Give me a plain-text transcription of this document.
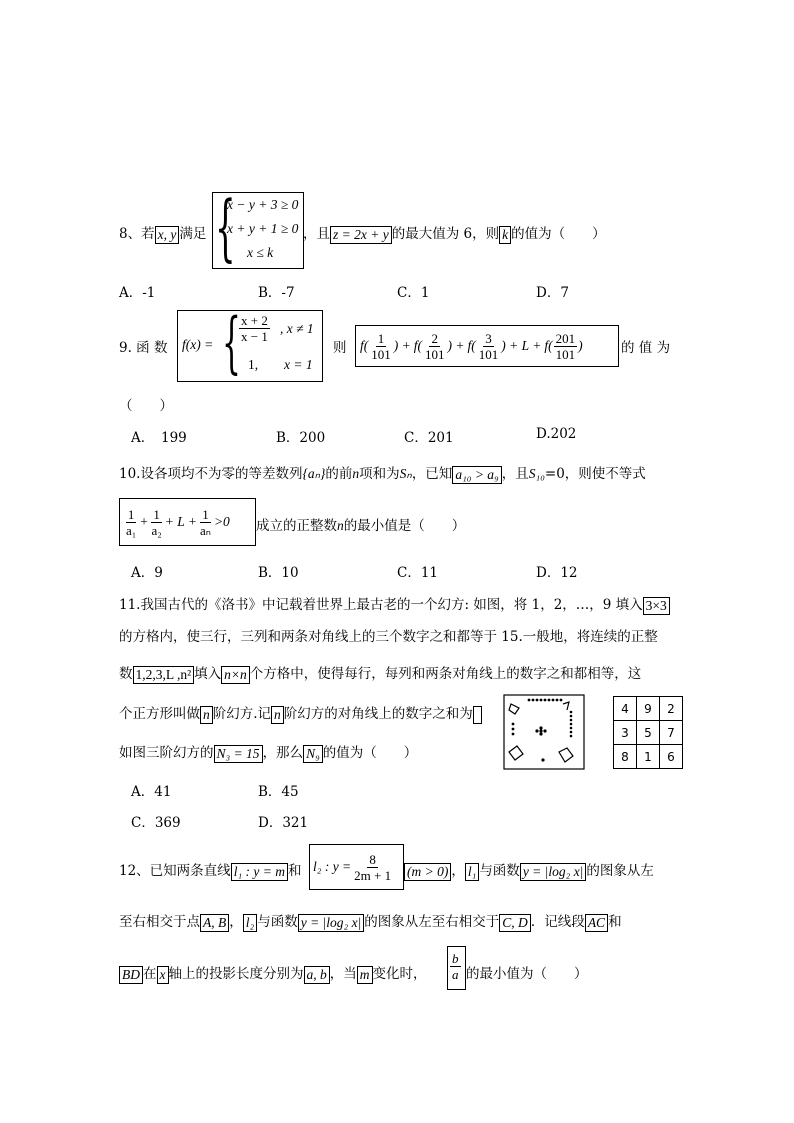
8、若 x, y 满足 {
x − y + 3 ≥ 0
x + y + 1 ≥ 0
x ≤ k
，且 z = 2x + y 的最大值为 6，则 k 的值为（　　）
A．-1	B．-7	C．1	D．7
9. 函 数 f(x) = {
$\frac{x + 2}{x - 1}$ , x ≠ 1
1, x = 1
则 $f( \frac{1}{101}$ ) + $f( \frac{2}{101}$ ) + $f( \frac{3}{101}$ ) + $L + f( \frac{201}{101}$ )	的 值 为
（　　）
A．　199	B．200	C．201	D.202
10.设各项均不为零的等差数列{aₙ}的前n项和为Sₙ，已知 a₁₀ > a₉ ，且S₁₀=0，则使不等式
$\frac{1}{\text{a₁}} + \frac{1}{\text{a₂}} + L + \frac{1}{\text{aₙ}} >0$ 成立的正整数n的最小值是（　　）
A．9	B．10	C．11	D．12
11.我国古代的《洛书》中记载着世界上最古老的一个幻方: 如图，将 1，2，…，9 填入 3×3
的方格内，使三行，三列和两条对角线上的三个数字之和都等于 15.一般地，将连续的正整
数 1,2,3,L ,n² 填入 n×n 个方格中，使得每行，每列和两条对角线上的数字之和都相等，这
个正方形叫做 n 阶幻方.记 n 阶幻方的对角线上的数字之和为
如图三阶幻方的 N₃ = 15 ，那么 N₉ 的值为（　　）
4	9	2
3	5	7
8	1	6
A．41	B．45
C．369	D．321
12、已知两条直线 l₁ : y = m 和 l₂ : $y = \frac{8}{2m + 1} (m > 0)$ ， l₁ 与函数 y = |log₂ x| 的图象从左
至右相交于点 A, B ， l₂ 与函数 y = |log₂ x| 的图象从左至右相交于 C, D ．记线段 AC 和
BD 在 x 轴上的投影长度分别为 a, b ，当 m 变化时， $\frac{b}{a}$ 的最小值为（　　）
